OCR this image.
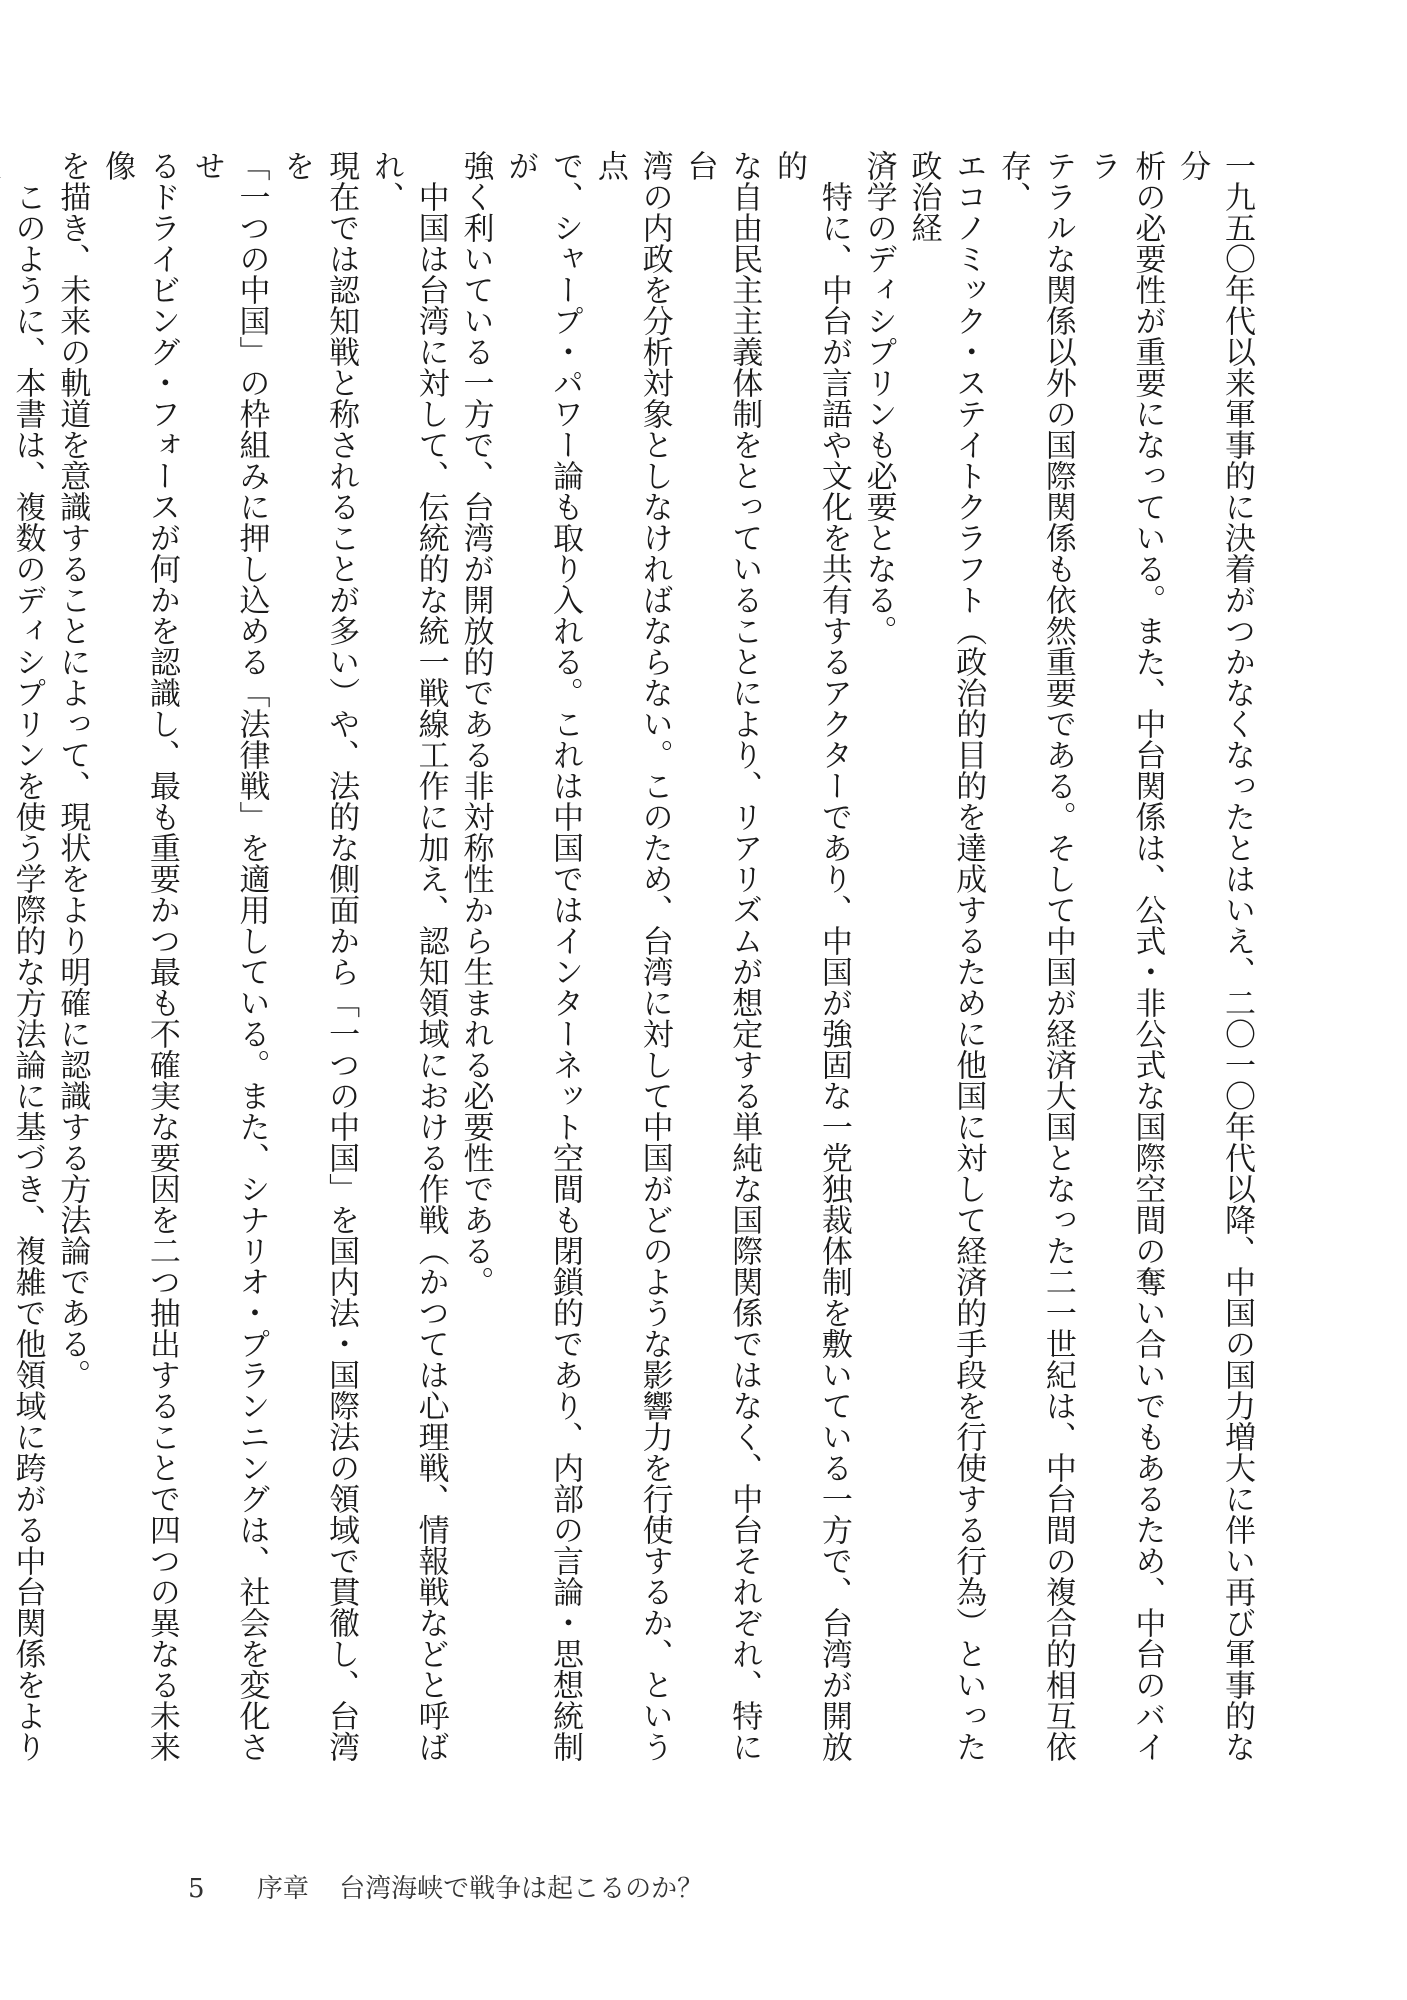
一九五〇年代以来軍事的に決着がつかなくなったとはいえ、二〇一〇年代以降、中国の国力増大に伴い再び軍事的な分
析の必要性が重要になっている。また、中台関係は、公式・非公式な国際空間の奪い合いでもあるため、中台のバイラ
テラルな関係以外の国際関係も依然重要である。そして中国が経済大国となった二一世紀は、中台間の複合的相互依存、
エコノミック・ステイトクラフト（政治的目的を達成するために他国に対して経済的手段を行使する行為）といった政治経
済学のディシプリンも必要となる。
　特に、中台が言語や文化を共有するアクターであり、中国が強固な一党独裁体制を敷いている一方で、台湾が開放的
な自由民主主義体制をとっていることにより、リアリズムが想定する単純な国際関係ではなく、中台それぞれ、特に台
湾の内政を分析対象としなければならない。このため、台湾に対して中国がどのような影響力を行使するか、という点
で、シャープ・パワー論も取り入れる。これは中国ではインターネット空間も閉鎖的であり、内部の言論・思想統制が
強く利いている一方で、台湾が開放的である非対称性から生まれる必要性である。
　中国は台湾に対して、伝統的な統一戦線工作に加え、認知領域における作戦（かつては心理戦、情報戦などと呼ばれ、
現在では認知戦と称されることが多い）や、法的な側面から「一つの中国」を国内法・国際法の領域で貫徹し、台湾を
「一つの中国」の枠組みに押し込める「法律戦」を適用している。また、シナリオ・プランニングは、社会を変化させ
るドライビング・フォースが何かを認識し、最も重要かつ最も不確実な要因を二つ抽出することで四つの異なる未来像
を描き、未来の軌道を意識することによって、現状をより明確に認識する方法論である。
　このように、本書は、複数のディシプリンを使う学際的な方法論に基づき、複雑で他領域に跨がる中台関係をより
5 序章 台湾海峡で戦争は起こるのか？
